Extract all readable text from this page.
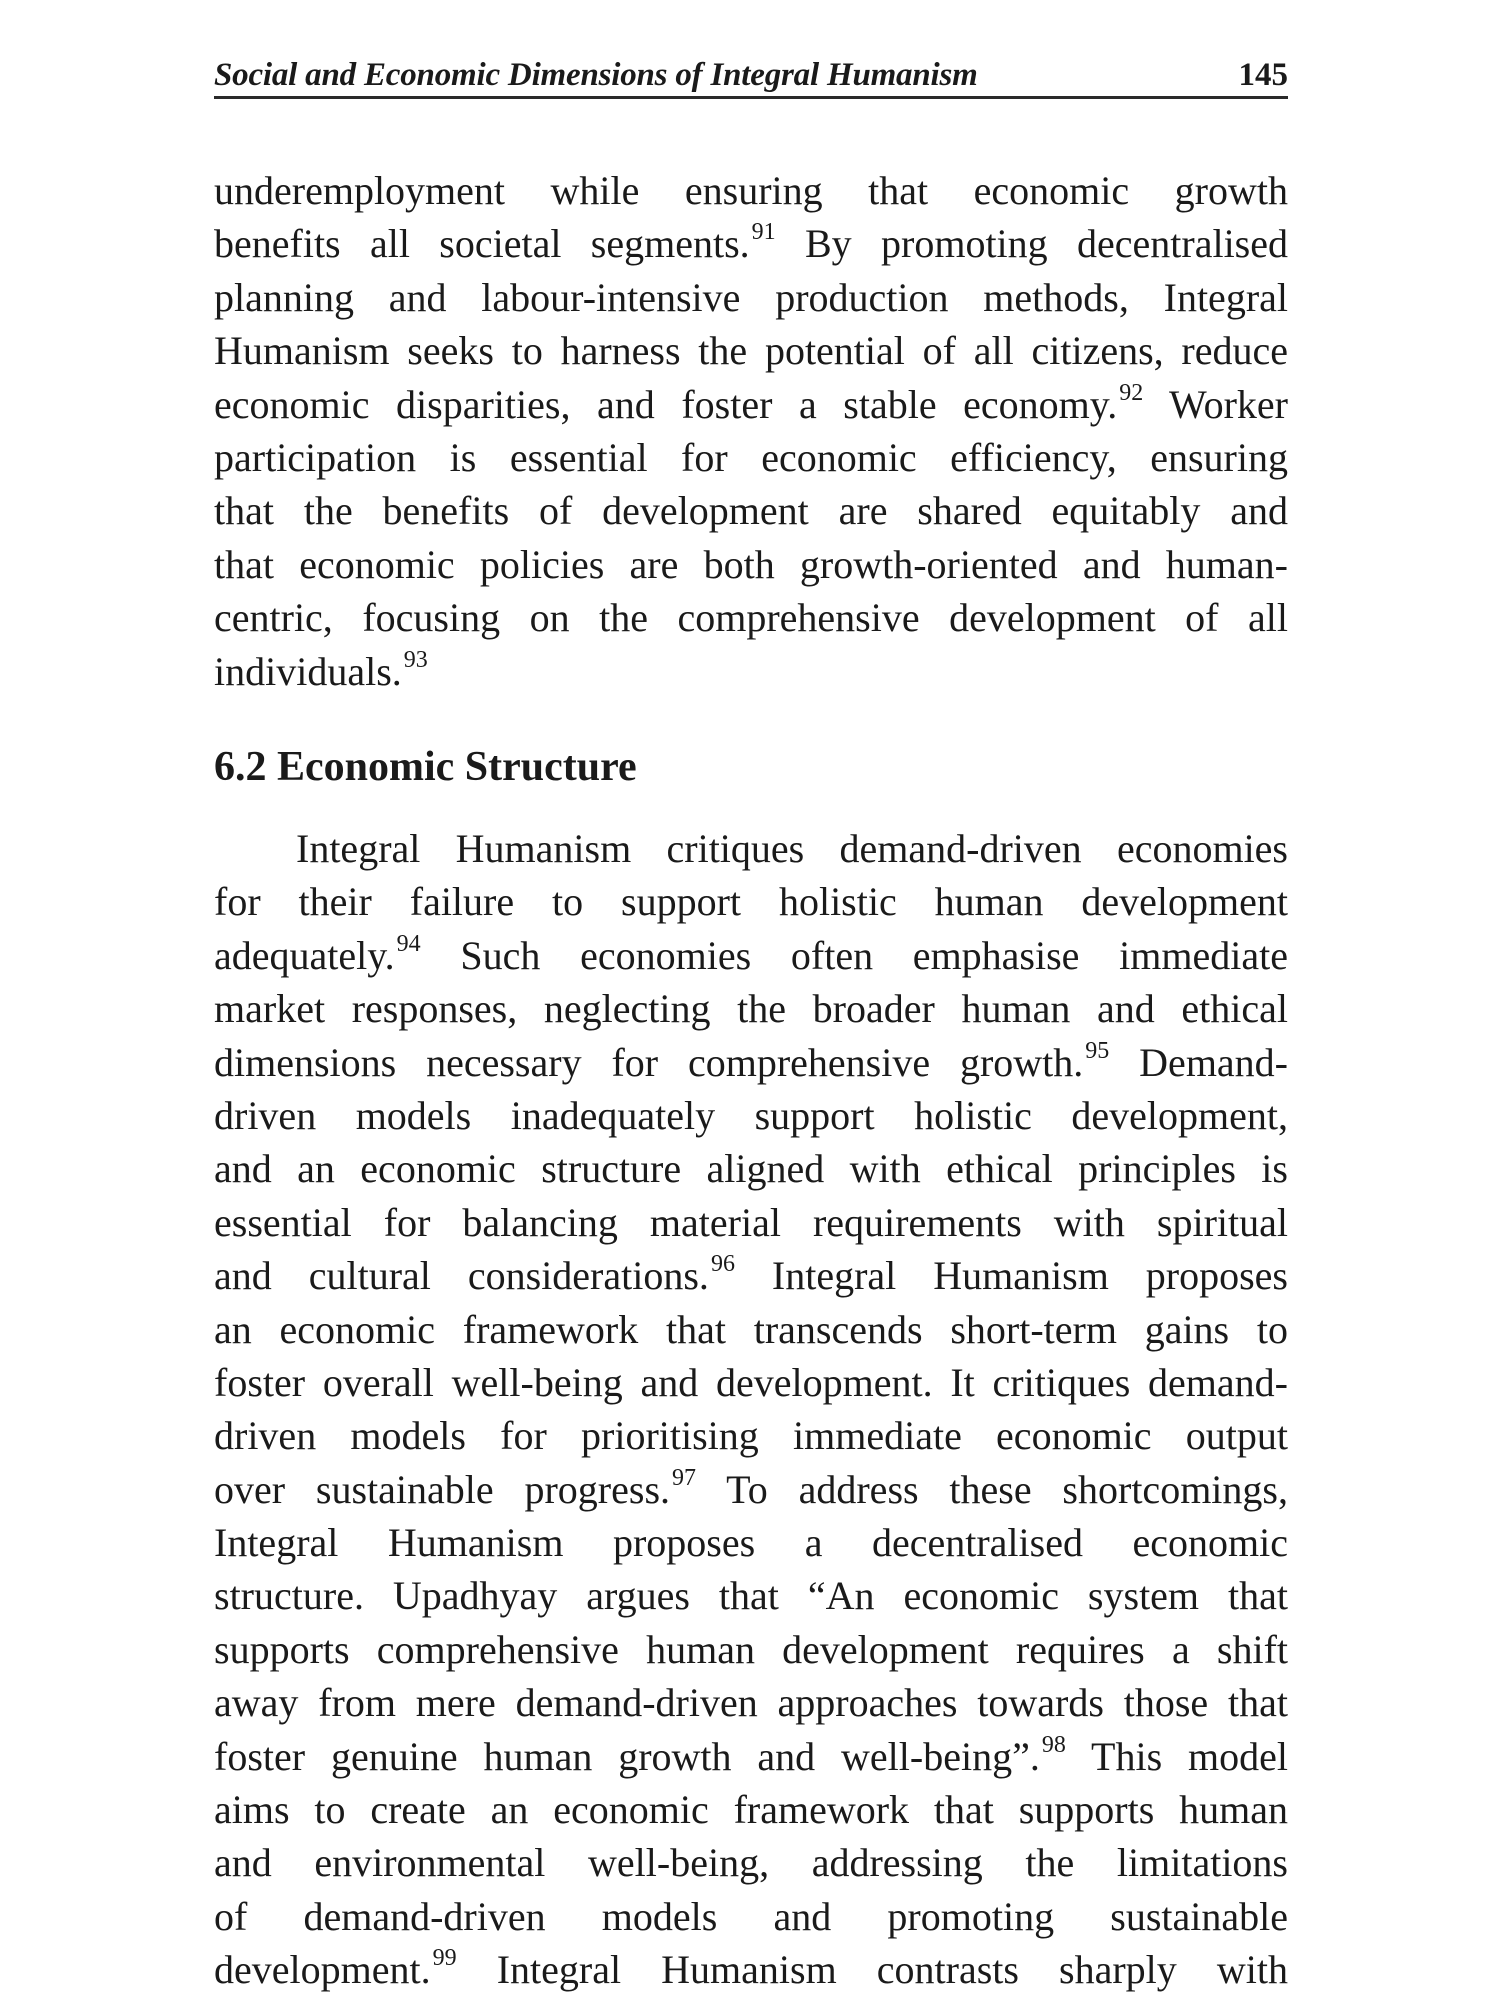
Social and Economic Dimensions of Integral Humanism	145
underemployment while ensuring that economic growth
benefits all societal segments.$^{91}$ By promoting decentralised
planning and labour-intensive production methods, Integral
Humanism seeks to harness the potential of all citizens, reduce
economic disparities, and foster a stable economy.$^{92}$ Worker
participation is essential for economic efficiency, ensuring
that the benefits of development are shared equitably and
that economic policies are both growth-oriented and human-
centric, focusing on the comprehensive development of all
individuals.$^{93}$
6.2 Economic Structure
Integral Humanism critiques demand-driven economies
for their failure to support holistic human development
adequately.$^{94}$ Such economies often emphasise immediate
market responses, neglecting the broader human and ethical
dimensions necessary for comprehensive growth.$^{95}$ Demand-
driven models inadequately support holistic development,
and an economic structure aligned with ethical principles is
essential for balancing material requirements with spiritual
and cultural considerations.$^{96}$ Integral Humanism proposes
an economic framework that transcends short-term gains to
foster overall well-being and development. It critiques demand-
driven models for prioritising immediate economic output
over sustainable progress.$^{97}$ To address these shortcomings,
Integral Humanism proposes a decentralised economic
structure. Upadhyay argues that “An economic system that
supports comprehensive human development requires a shift
away from mere demand-driven approaches towards those that
foster genuine human growth and well-being”.$^{98}$ This model
aims to create an economic framework that supports human
and environmental well-being, addressing the limitations
of demand-driven models and promoting sustainable
development.$^{99}$ Integral Humanism contrasts sharply with
